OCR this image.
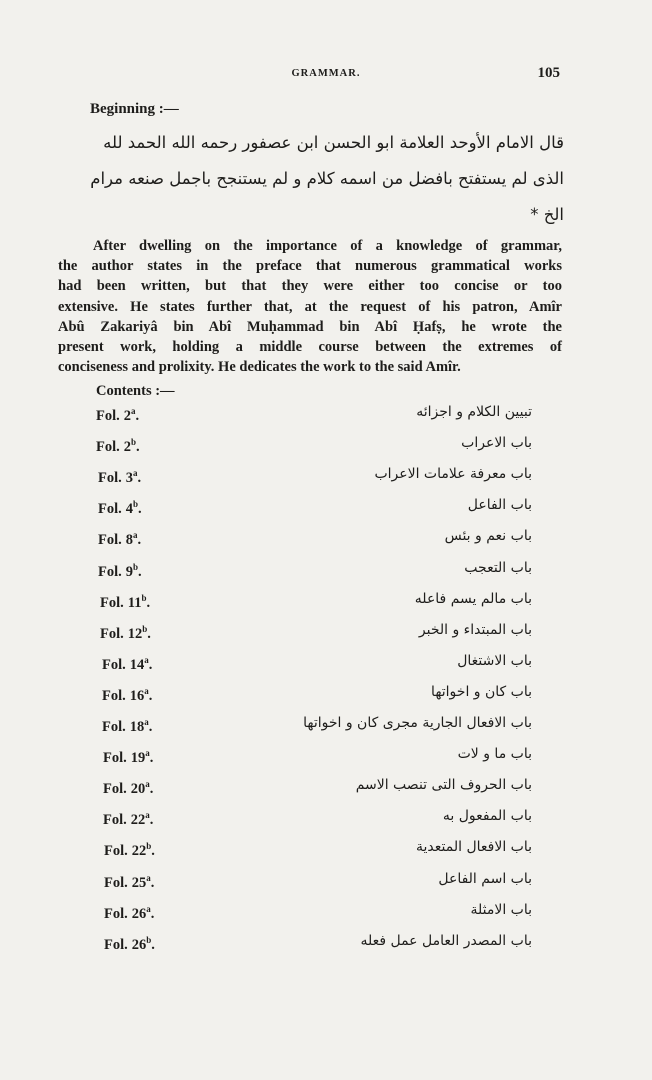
GRAMMAR.	105
Beginning :—
قال الامام الأوحد العلامة ابو الحسن ابن عصفور رحمه الله الحمد لله
الذى لم يستفتح بافضل من اسمه كلام و لم يستنجح باجمل صنعه مرام
الخ *
After dwelling on the importance of a knowledge of grammar,
the author states in the preface that numerous grammatical works
had been written, but that they were either too concise or too
extensive. He states further that, at the request of his patron, Amîr
Abû Zakariyâ bin Abî Muḥammad bin Abî Ḥafṣ, he wrote the
present work, holding a middle course between the extremes of
conciseness and prolixity. He dedicates the work to the said Amîr.
Contents :—
Fol. 2$^a$.	تبيين الكلام و اجزائه
Fol. 2$^b$.	باب الاعراب
Fol. 3$^a$.	باب معرفة علامات الاعراب
Fol. 4$^b$.	باب الفاعل
Fol. 8$^a$.	باب نعم و بئس
Fol. 9$^b$.	باب التعجب
Fol. 11$^b$.	باب مالم يسم فاعله
Fol. 12$^b$.	باب المبتداء و الخبر
Fol. 14$^a$.	باب الاشتغال
Fol. 16$^a$.	باب كان و اخواتها
Fol. 18$^a$.	باب الافعال الجارية مجرى كان و اخواتها
Fol. 19$^a$.	باب ما و لات
Fol. 20$^a$.	باب الحروف التى تنصب الاسم
Fol. 22$^a$.	باب المفعول به
Fol. 22$^b$.	باب الافعال المتعدية
Fol. 25$^a$.	باب اسم الفاعل
Fol. 26$^a$.	باب الامثلة
Fol. 26$^b$.	باب المصدر العامل عمل فعله
